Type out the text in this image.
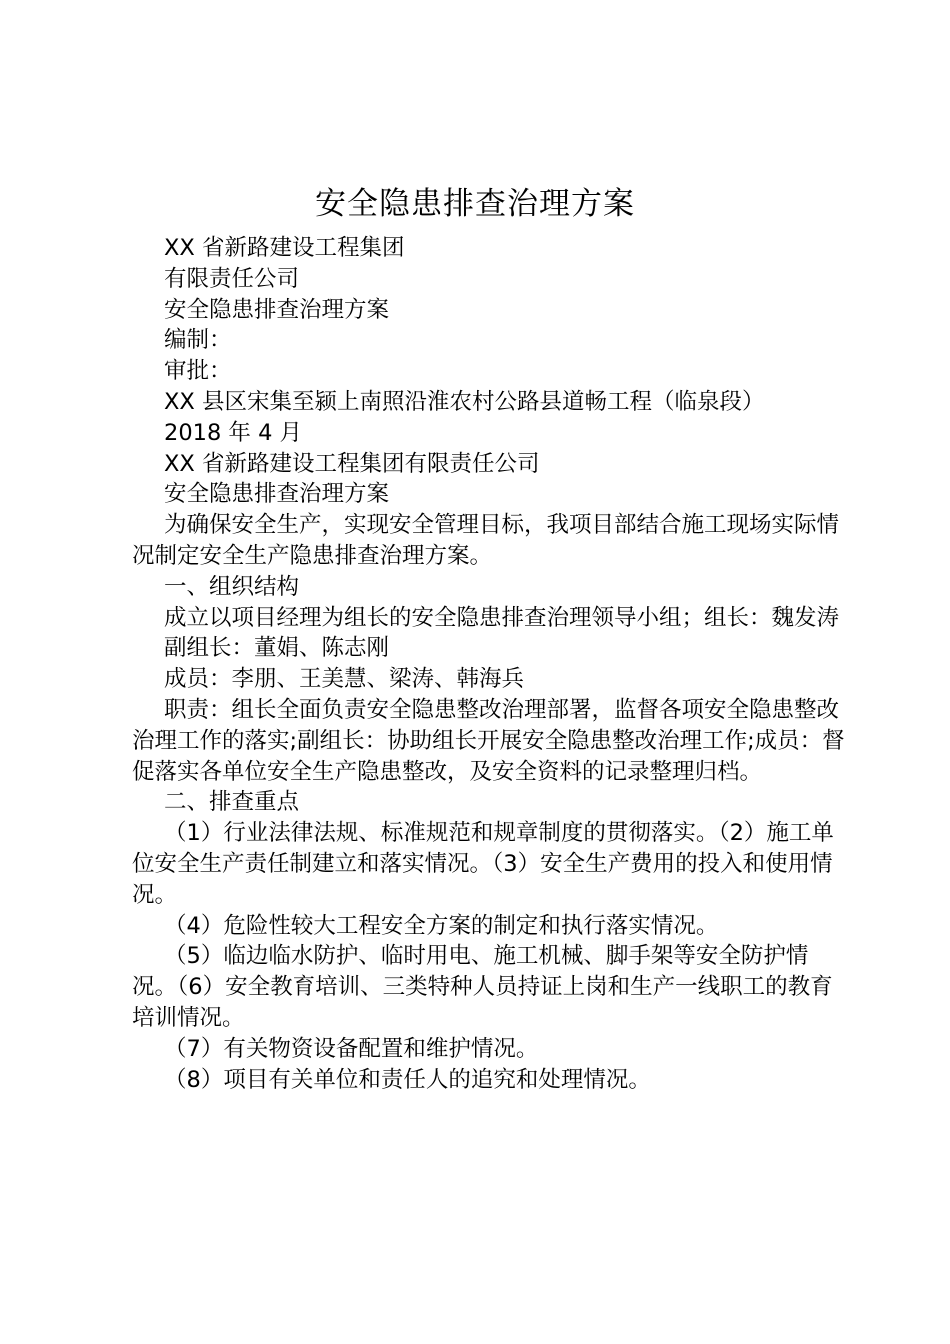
安全隐患排查治理方案

XX 省新路建设工程集团

有限责任公司

安全隐患排查治理方案

编制：

审批：

XX 县区宋集至颍上南照沿淮农村公路县道畅工程（临泉段）

2018 年 4 月

XX 省新路建设工程集团有限责任公司

安全隐患排查治理方案

为确保安全生产，实现安全管理目标，我项目部结合施工现场实际情况制定安全生产隐患排查治理方案。

一、组织结构

成立以项目经理为组长的安全隐患排查治理领导小组；组长：魏发涛

副组长：董娟、陈志刚

成员：李朋、王美慧、梁涛、韩海兵

职责：组长全面负责安全隐患整改治理部署，监督各项安全隐患整改治理工作的落实;副组长：协助组长开展安全隐患整改治理工作;成员：督促落实各单位安全生产隐患整改，及安全资料的记录整理归档。

二、排查重点

（1）行业法律法规、标准规范和规章制度的贯彻落实。（2）施工单位安全生产责任制建立和落实情况。（3）安全生产费用的投入和使用情况。

（4）危险性较大工程安全方案的制定和执行落实情况。

（5）临边临水防护、临时用电、施工机械、脚手架等安全防护情况。（6）安全教育培训、三类特种人员持证上岗和生产一线职工的教育培训情况。

（7）有关物资设备配置和维护情况。

（8）项目有关单位和责任人的追究和处理情况。
